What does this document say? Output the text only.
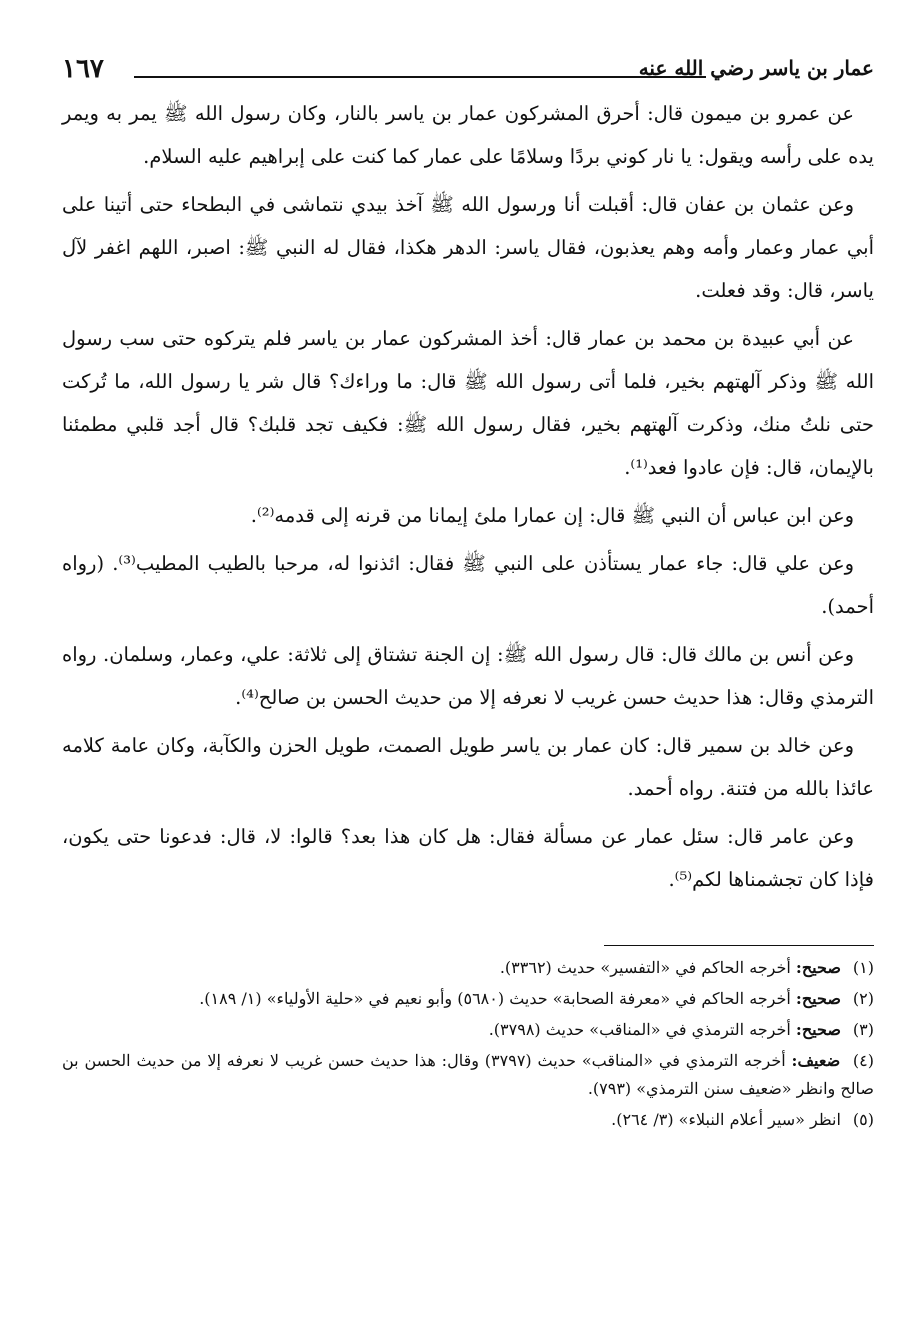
عمار بن ياسر رضي الله عنه
١٦٧

عن عمرو بن ميمون قال: أحرق المشركون عمار بن ياسر بالنار، وكان رسول الله ﷺ يمر به ويمر يده على رأسه ويقول: يا نار كوني بردًا وسلامًا على عمار كما كنت على إبراهيم عليه السلام.

وعن عثمان بن عفان قال: أقبلت أنا ورسول الله ﷺ آخذ بيدي نتماشى في البطحاء حتى أتينا على أبي عمار وعمار وأمه وهم يعذبون، فقال ياسر: الدهر هكذا، فقال له النبي ﷺ: اصبر، اللهم اغفر لآل ياسر، قال: وقد فعلت.

عن أبي عبيدة بن محمد بن عمار قال: أخذ المشركون عمار بن ياسر فلم يتركوه حتى سب رسول الله ﷺ وذكر آلهتهم بخير، فلما أتى رسول الله ﷺ قال: ما وراءك؟ قال شر يا رسول الله، ما تُركت حتى نلتُ منك، وذكرت آلهتهم بخير، فقال رسول الله ﷺ: فكيف تجد قلبك؟ قال أجد قلبي مطمئنا بالإيمان، قال: فإن عادوا فعد⁽¹⁾.

وعن ابن عباس أن النبي ﷺ قال: إن عمارا ملئ إيمانا من قرنه إلى قدمه⁽²⁾.

وعن علي قال: جاء عمار يستأذن على النبي ﷺ فقال: ائذنوا له، مرحبا بالطيب المطيب⁽³⁾. (رواه أحمد).

وعن أنس بن مالك قال: قال رسول الله ﷺ: إن الجنة تشتاق إلى ثلاثة: علي، وعمار، وسلمان. رواه الترمذي وقال: هذا حديث حسن غريب لا نعرفه إلا من حديث الحسن بن صالح⁽⁴⁾.

وعن خالد بن سمير قال: كان عمار بن ياسر طويل الصمت، طويل الحزن والكآبة، وكان عامة كلامه عائذا بالله من فتنة. رواه أحمد.

وعن عامر قال: سئل عمار عن مسألة فقال: هل كان هذا بعد؟ قالوا: لا، قال: فدعونا حتى يكون، فإذا كان تجشمناها لكم⁽⁵⁾.

(١) صحيح: أخرجه الحاكم في «التفسير» حديث (٣٣٦٢).

(٢) صحيح: أخرجه الحاكم في «معرفة الصحابة» حديث (٥٦٨٠) وأبو نعيم في «حلية الأولياء» (١/ ١٨٩).

(٣) صحيح: أخرجه الترمذي في «المناقب» حديث (٣٧٩٨).

(٤) ضعيف: أخرجه الترمذي في «المناقب» حديث (٣٧٩٧) وقال: هذا حديث حسن غريب لا نعرفه إلا من حديث الحسن بن صالح وانظر «ضعيف سنن الترمذي» (٧٩٣).

(٥) انظر «سير أعلام النبلاء» (٣/ ٢٦٤).
